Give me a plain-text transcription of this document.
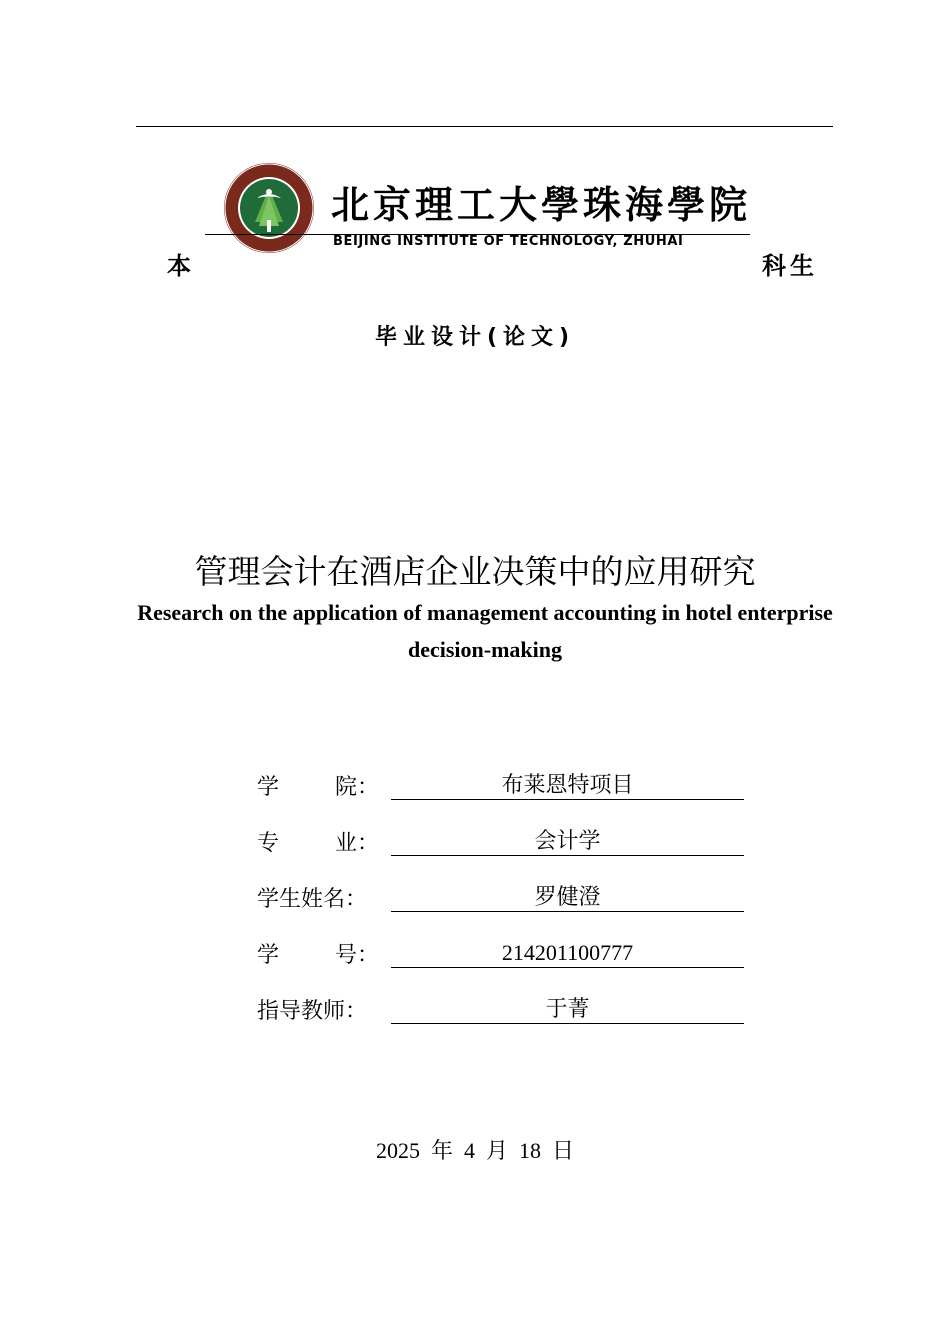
本	科生
北京理工大學珠海學院
BEIJING INSTITUTE OF TECHNOLOGY, ZHUHAI
毕业设计(论文)
管理会计在酒店企业决策中的应用研究
Research on the application of management accounting in hotel enterprise decision-making
学        院：	布莱恩特项目
专        业：	会计学
学生姓名：	罗健澄
学        号：	214201100777
指导教师：	于菁
2025  年  4  月  18  日
